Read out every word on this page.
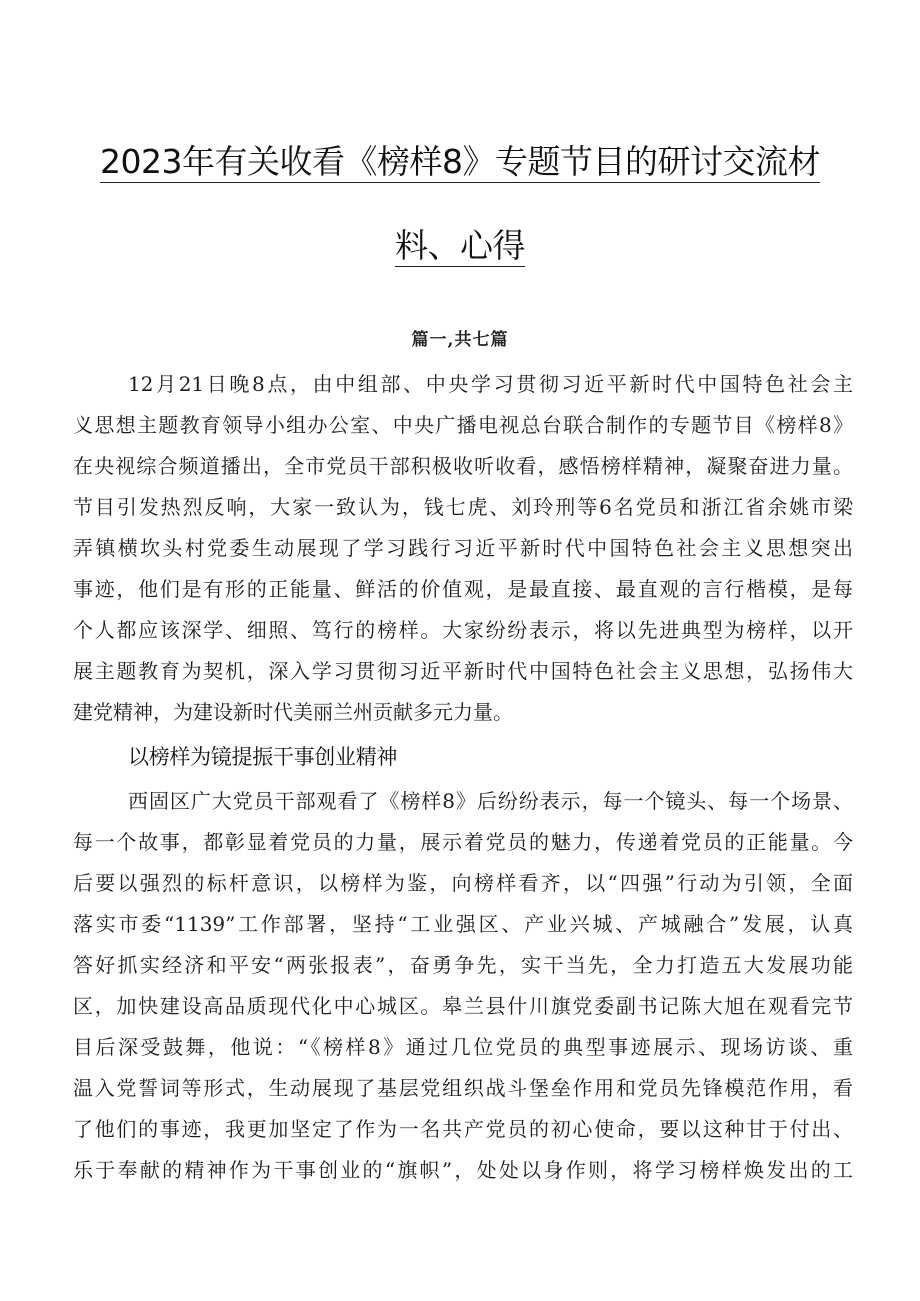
2023年有关收看《榜样8》专题节目的研讨交流材
料、心得

篇一,共七篇

12月21日晚8点，由中组部、中央学习贯彻习近平新时代中国特色社会主

义思想主题教育领导小组办公室、中央广播电视总台联合制作的专题节目《榜样8》

在央视综合频道播出，全市党员干部积极收听收看，感悟榜样精神，凝聚奋进力量。

节目引发热烈反响，大家一致认为，钱七虎、刘玲刑等6名党员和浙江省余姚市梁

弄镇横坎头村党委生动展现了学习践行习近平新时代中国特色社会主义思想突出

事迹，他们是有形的正能量、鲜活的价值观，是最直接、最直观的言行楷模，是每

个人都应该深学、细照、笃行的榜样。大家纷纷表示，将以先进典型为榜样，以开

展主题教育为契机，深入学习贯彻习近平新时代中国特色社会主义思想，弘扬伟大

建党精神，为建设新时代美丽兰州贡献多元力量。

以榜样为镜提振干事创业精神

西固区广大党员干部观看了《榜样8》后纷纷表示，每一个镜头、每一个场景、

每一个故事，都彰显着党员的力量，展示着党员的魅力，传递着党员的正能量。今

后要以强烈的标杆意识，以榜样为鉴，向榜样看齐，以“四强”行动为引领，全面

落实市委“1139”工作部署，坚持“工业强区、产业兴城、产城融合”发展，认真

答好抓实经济和平安“两张报表”，奋勇争先，实干当先，全力打造五大发展功能

区，加快建设高品质现代化中心城区。皋兰县什川旗党委副书记陈大旭在观看完节

目后深受鼓舞，他说：“《榜样8》通过几位党员的典型事迹展示、现场访谈、重

温入党誓词等形式，生动展现了基层党组织战斗堡垒作用和党员先锋模范作用，看

了他们的事迹，我更加坚定了作为一名共产党员的初心使命，要以这种甘于付出、

乐于奉献的精神作为干事创业的“旗帜”，处处以身作则，将学习榜样焕发出的工
